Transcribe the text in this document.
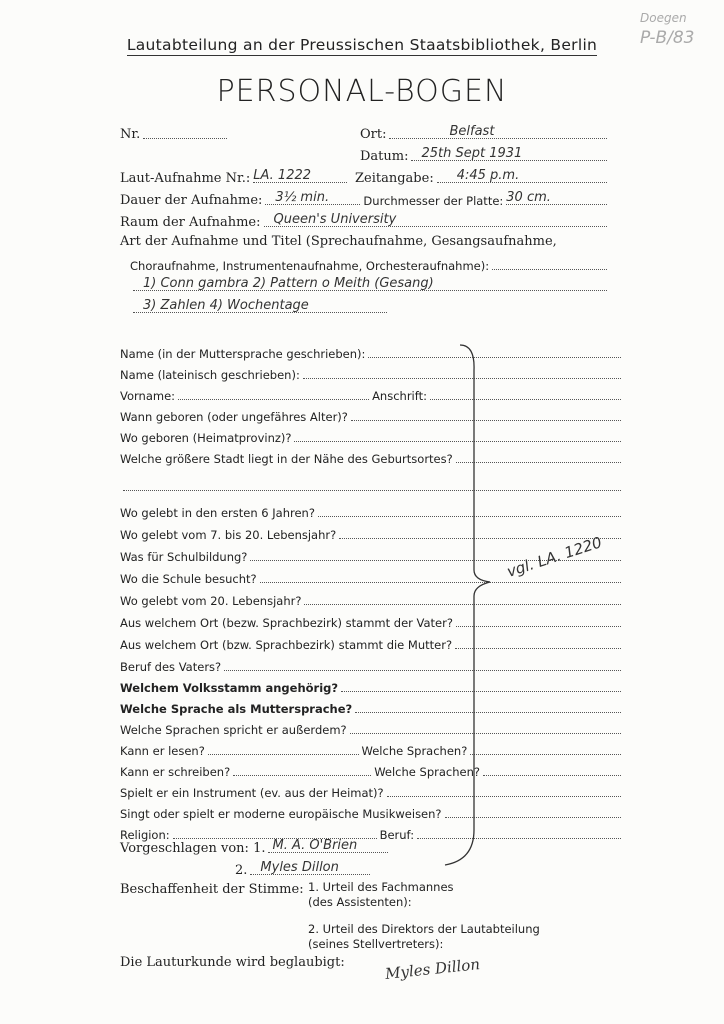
Doegen
P-B/83
Lautabteilung an der Preussischen Staatsbibliothek, Berlin
PERSONAL-BOGEN
Nr.	Ort:	Belfast
Datum: 25th Sept 1931
Laut-Aufnahme Nr.: LA. 1222	Zeitangabe: 4:45 p.m.
Dauer der Aufnahme: 3½ min.	Durchmesser der Platte: 30 cm.
Raum der Aufnahme: Queen's University
Art der Aufnahme und Titel (Sprechaufnahme, Gesangsaufnahme,
Choraufnahme, Instrumentenaufnahme, Orchesteraufnahme):
1) Conn gambra 2) Pattern o Meith (Gesang)
3) Zahlen 4) Wochentage
Name (in der Muttersprache geschrieben):
Name (lateinisch geschrieben):
Vorname:	Anschrift:
Wann geboren (oder ungefähres Alter)?
Wo geboren (Heimatprovinz)?
Welche größere Stadt liegt in der Nähe des Geburtsortes?
Wo gelebt in den ersten 6 Jahren?
Wo gelebt vom 7. bis 20. Lebensjahr?
Was für Schulbildung?
Wo die Schule besucht?
Wo gelebt vom 20. Lebensjahr?
Aus welchem Ort (bezw. Sprachbezirk) stammt der Vater?
Aus welchem Ort (bzw. Sprachbezirk) stammt die Mutter?
Beruf des Vaters?
Welchem Volksstamm angehörig?
Welche Sprache als Muttersprache?
Welche Sprachen spricht er außerdem?
Kann er lesen?	Welche Sprachen?
Kann er schreiben?	Welche Sprachen?
Spielt er ein Instrument (ev. aus der Heimat)?
Singt oder spielt er moderne europäische Musikweisen?
Religion:	Beruf:
vgl. LA. 1220
Vorgeschlagen von:
1. M. A. O'Brien
2. Myles Dillon
Beschaffenheit der Stimme: 1. Urteil des Fachmannes
(des Assistenten):
2. Urteil des Direktors der Lautabteilung
(seines Stellvertreters):
Die Lauturkunde wird beglaubigt:	Myles Dillon
